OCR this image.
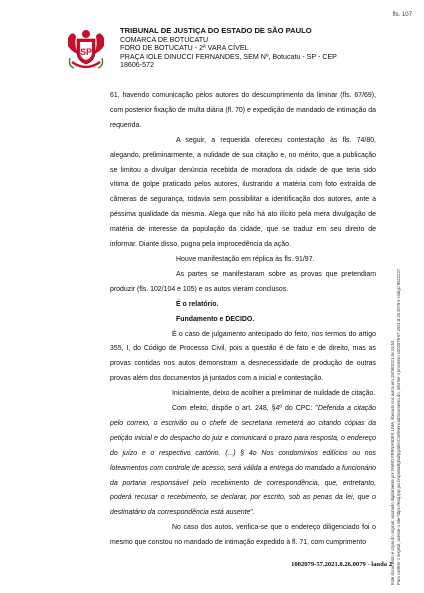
fls. 107
SP
TRIBUNAL DE JUSTIÇA DO ESTADO DE SÃO PAULO
COMARCA DE BOTUCATU
FORO DE BOTUCATU - 2ª VARA CÍVEL
PRAÇA IOLE DINUCCI FERNANDES, SEM Nº, Botucatu - SP - CEP
18606-572

61, havendo comunicação pelos autores do descumprimento da liminar (fls. 67/69), com posterior fixação de multa diária (fl. 70) e expedição de mandado de intimação da requerida.

A seguir, a requerida ofereceu contestação às fls. 74/80, alegando, preliminarmente, a nulidade de sua citação e, no mérito, que a publicação se limitou a divulgar denúncia recebida de moradora da cidade de que teria sido vítima de golpe praticado pelos autores, ilustrando a matéria com foto extraída de câmeras de segurança, todavia sem possibilitar a identificação dos autores, ante a péssima qualidade da mesma. Alega que não há ato ilícito pela mera divulgação de matéria de interesse da população da cidade, que se traduz em seu direito de informar. Diante disso, pugna pela improcedência da ação.

Houve manifestação em réplica às fls. 91/97.

As partes se manifestaram sobre as provas que pretendiam produzir (fls. 102/104 e 105) e os autos vieram conclusos.

É o relatório.

Fundamento e DECIDO.

É o caso de julgamento antecipado do feito, nos termos do artigo 355, I, do Código de Processo Civil, pois a questão é de fato e de direito, mas as provas contidas nos autos demonstram a desnecessidade de produção de outras provas além dos documentos já juntados com a inicial e contestação.

Inicialmente, deixo de acolher a preliminar de nulidade de citação.

Com efeito, dispõe o art. 248, §4º do CPC: "Deferida a citação pelo correio, o escrivão ou o chefe de secretaria remeterá ao citando cópias da petição inicial e do despacho do juiz e comunicará o prazo para resposta, o endereço do juízo e o respectivo cartório. (...) § 4o Nos condomínios edilícios ou nos loteamentos com controle de acesso, será válida a entrega do mandado a funcionário da portaria responsável pelo recebimento de correspondência, que, entretanto, poderá recusar o recebimento, se declarar, por escrito, sob as penas da lei, que o destinatário da correspondência está ausente".

No caso dos autos, verifica-se que o endereço diligenciado foi o mesmo que constou no mandado de intimação expedido à fl. 71, com cumprimento

1002079-57.2021.8.26.0079 - lauda 2
Este documento é cópia do original, assinado digitalmente por FABIO FERNANDES LIMA, liberado nos autos em 10/08/2021 às 15:53 . Para conferir o original, acesse o site https://esaj.tjsp.jus.br/pastadigital/pg/abrirConferenciaDocumento.do, informe o processo 1002079-57.2021.8.26.0079 e código 9622237.
